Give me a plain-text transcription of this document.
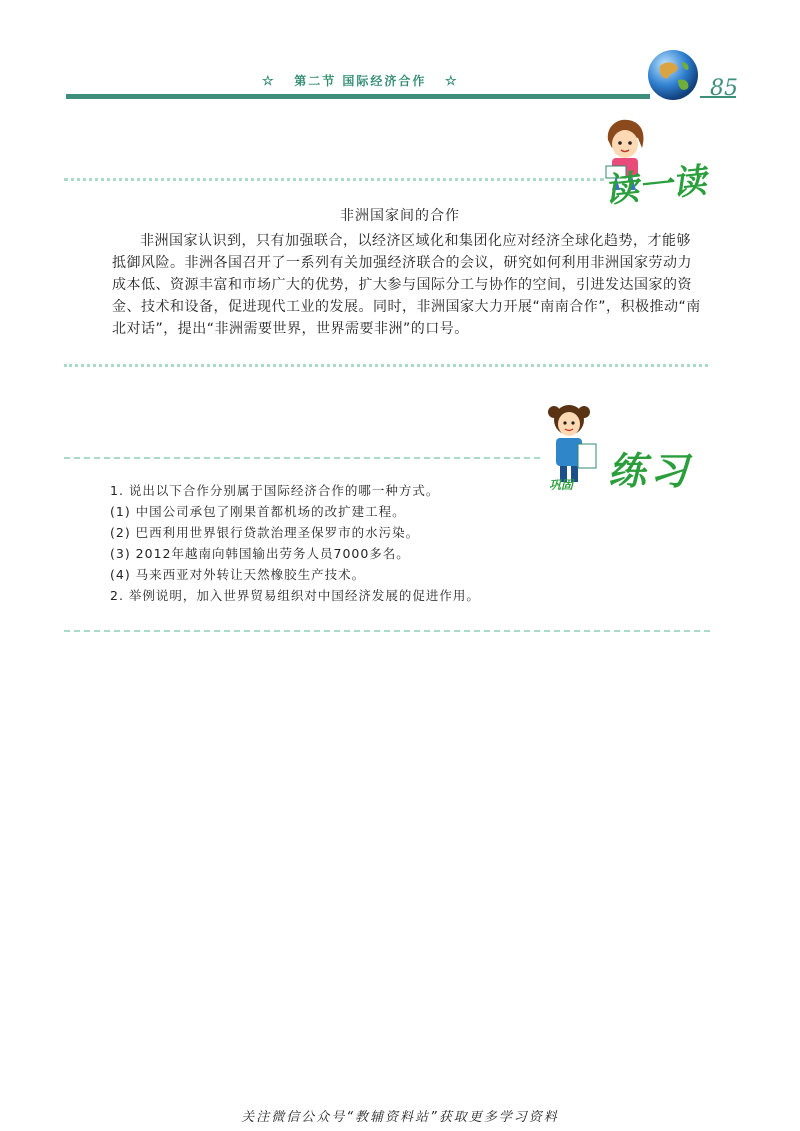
☆ 第二节 国际经济合作 ☆	85
读一读
非洲国家间的合作
非洲国家认识到，只有加强联合，以经济区域化和集团化应对经济全球化趋势，才能够抵御风险。非洲各国召开了一系列有关加强经济联合的会议，研究如何利用非洲国家劳动力成本低、资源丰富和市场广大的优势，扩大参与国际分工与协作的空间，引进发达国家的资金、技术和设备，促进现代工业的发展。同时，非洲国家大力开展“南南合作”，积极推动“南北对话”，提出“非洲需要世界，世界需要非洲”的口号。
练习
巩固
1. 说出以下合作分别属于国际经济合作的哪一种方式。
(1) 中国公司承包了刚果首都机场的改扩建工程。
(2) 巴西利用世界银行贷款治理圣保罗市的水污染。
(3) 2012年越南向韩国输出劳务人员7000多名。
(4) 马来西亚对外转让天然橡胶生产技术。
2. 举例说明，加入世界贸易组织对中国经济发展的促进作用。
关注微信公众号“教辅资料站”获取更多学习资料
